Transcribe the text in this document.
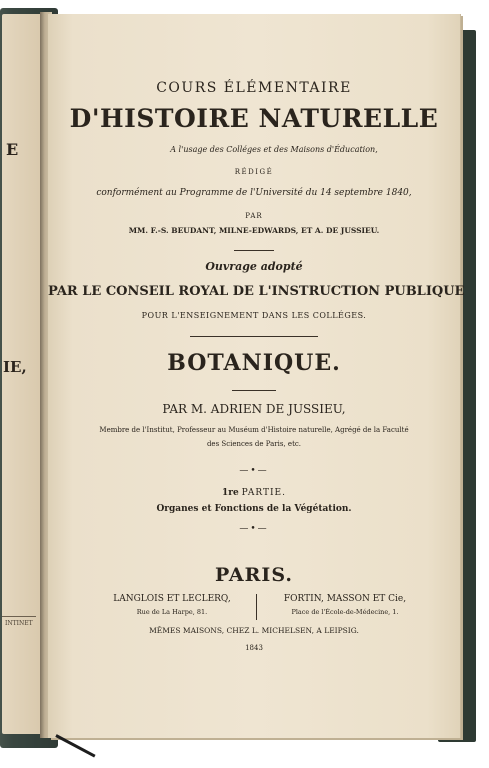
E
IE,
INTINET
COURS ÉLÉMENTAIRE
D'HISTOIRE NATURELLE
A l'usage des Colléges et des Maisons d'Éducation,
RÉDIGÉ
conformément au Programme de l'Université du 14 septembre 1840,
PAR
MM. F.-S. BEUDANT, MILNE-EDWARDS, ET A. DE JUSSIEU.
Ouvrage adopté
PAR LE CONSEIL ROYAL DE L'INSTRUCTION PUBLIQUE
POUR L'ENSEIGNEMENT DANS LES COLLÉGES.
BOTANIQUE.
PAR M. ADRIEN DE JUSSIEU,
Membre de l'Institut, Professeur au Muséum d'Histoire naturelle, Agrégé de la Faculté
des Sciences de Paris, etc.
—•—
1re PARTIE.
Organes et Fonctions de la Végétation.
—•—
PARIS.
LANGLOIS ET LECLERQ,
Rue de La Harpe, 81.
FORTIN, MASSON ET Cie,
Place de l'École-de-Médecine, 1.
MÊMES MAISONS, CHEZ L. MICHELSEN, A LEIPSIG.
1843
